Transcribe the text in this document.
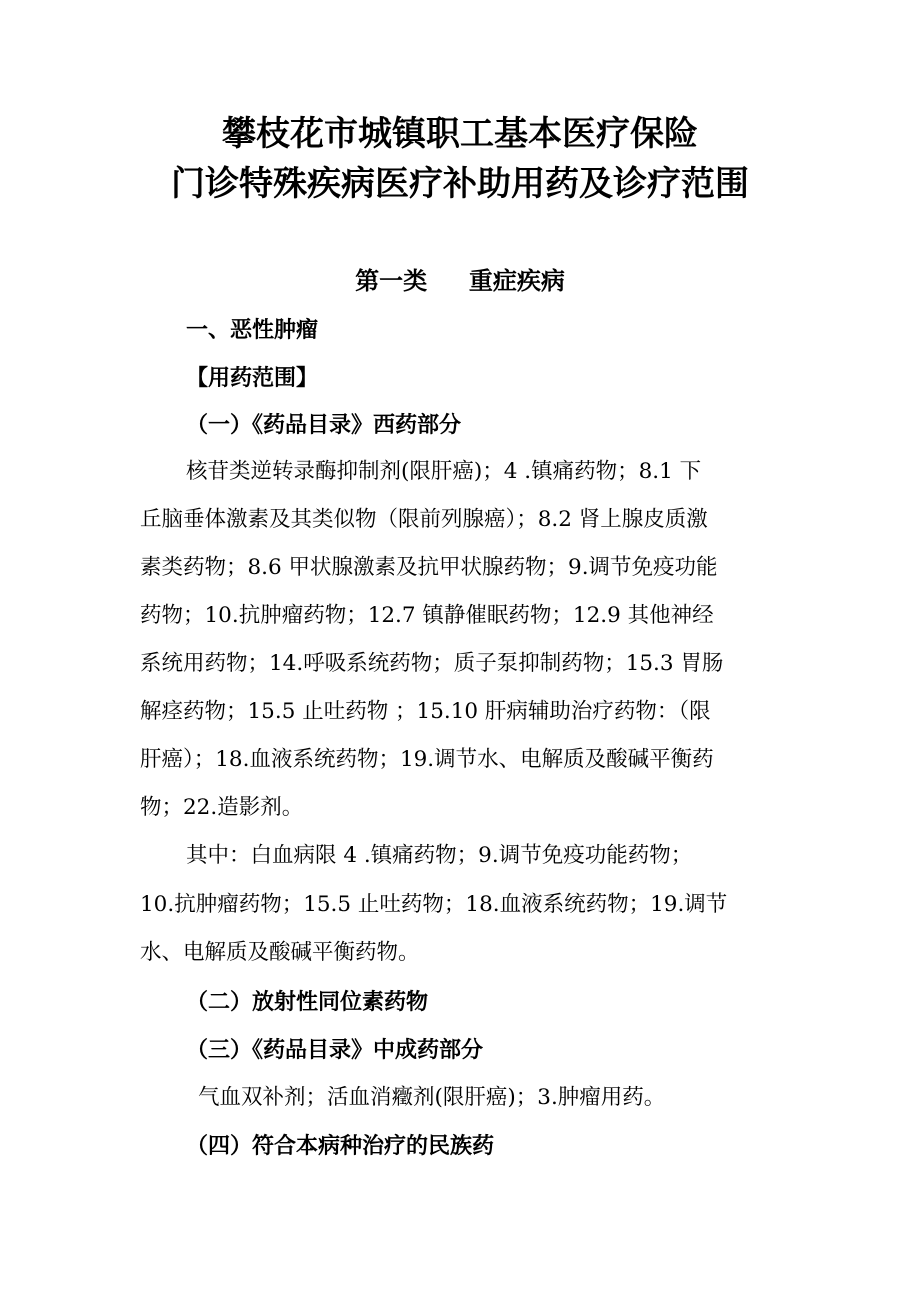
攀枝花市城镇职工基本医疗保险
门诊特殊疾病医疗补助用药及诊疗范围
第一类     重症疾病
一、恶性肿瘤
【用药范围】
（一）《药品目录》西药部分
核苷类逆转录酶抑制剂(限肝癌)；4 .镇痛药物；8.1 下
丘脑垂体激素及其类似物（限前列腺癌）；8.2 肾上腺皮质激
素类药物；8.6 甲状腺激素及抗甲状腺药物；9.调节免疫功能
药物；10.抗肿瘤药物；12.7 镇静催眠药物；12.9 其他神经
系统用药物；14.呼吸系统药物；质子泵抑制药物；15.3 胃肠
解痉药物；15.5 止吐药物 ；15.10 肝病辅助治疗药物：（限
肝癌）；18.血液系统药物；19.调节水、电解质及酸碱平衡药
物；22.造影剂。
其中：白血病限 4 .镇痛药物；9.调节免疫功能药物；
10.抗肿瘤药物；15.5 止吐药物；18.血液系统药物；19.调节
水、电解质及酸碱平衡药物。
（二）放射性同位素药物
（三）《药品目录》中成药部分
气血双补剂；活血消癥剂(限肝癌)；3.肿瘤用药。
（四）符合本病种治疗的民族药
